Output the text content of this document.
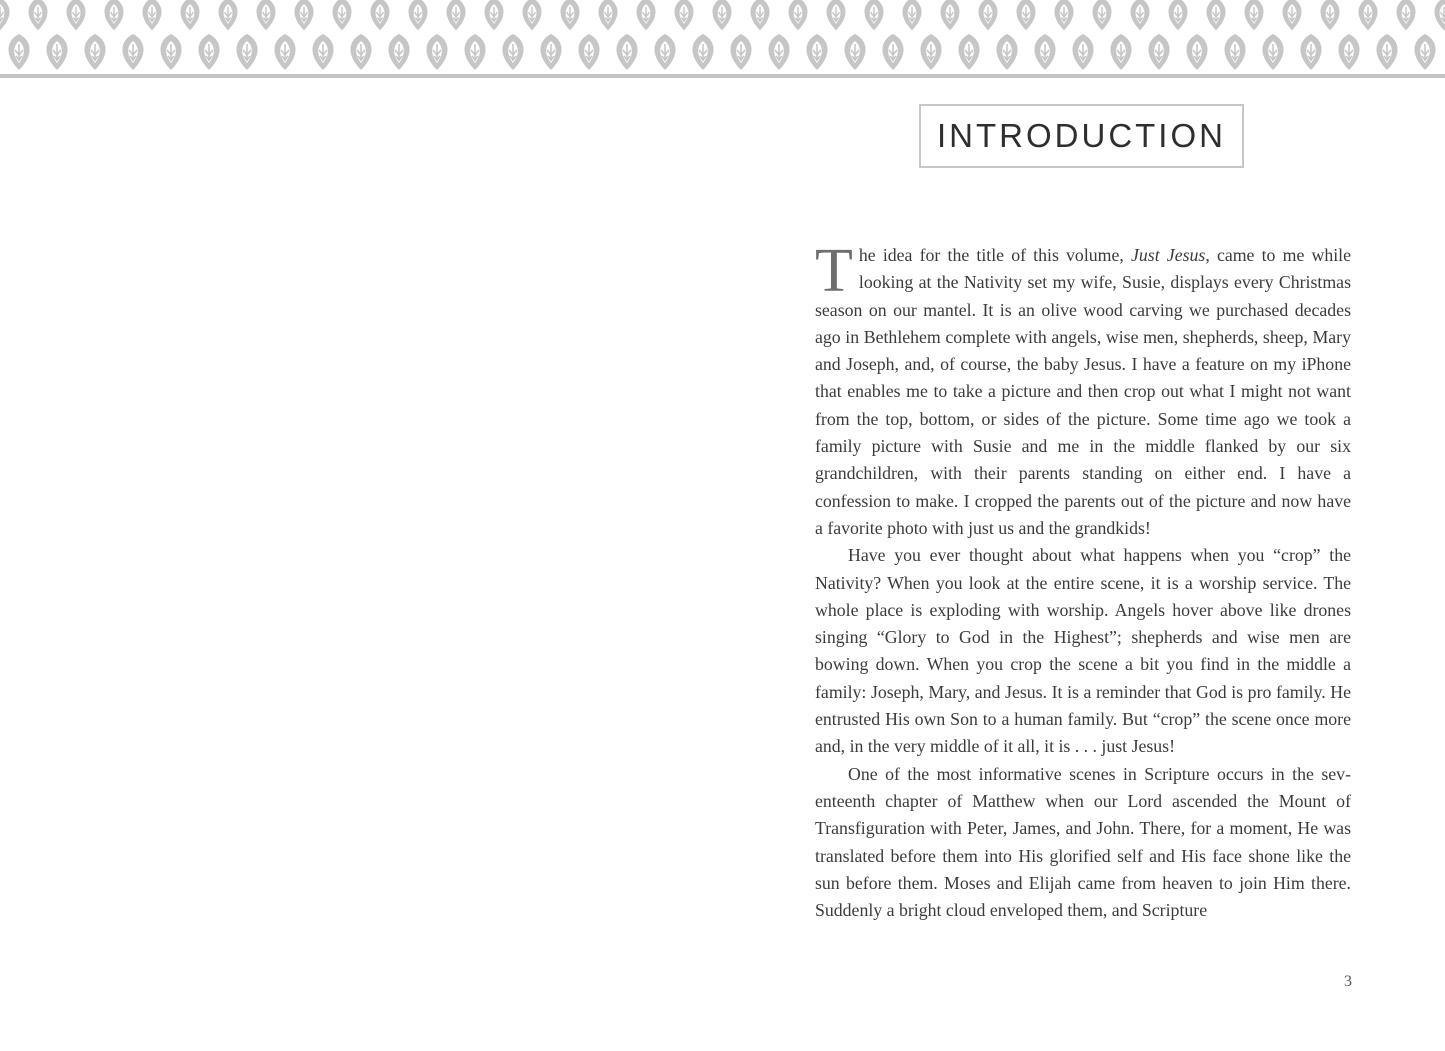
INTRODUCTION

The idea for the title of this volume, Just Jesus, came to me while looking at the Nativity set my wife, Susie, displays every Christmas season on our mantel. It is an olive wood carving we purchased decades ago in Bethlehem complete with angels, wise men, shepherds, sheep, Mary and Joseph, and, of course, the baby Jesus. I have a feature on my iPhone that enables me to take a picture and then crop out what I might not want from the top, bottom, or sides of the picture. Some time ago we took a family picture with Susie and me in the middle flanked by our six grandchildren, with their parents standing on either end. I have a confession to make. I cropped the parents out of the picture and now have a favorite photo with just us and the grandkids!

Have you ever thought about what happens when you “crop” the Nativity? When you look at the entire scene, it is a worship service. The whole place is exploding with worship. Angels hover above like drones singing “Glory to God in the Highest”; shepherds and wise men are bowing down. When you crop the scene a bit you find in the middle a family: Joseph, Mary, and Jesus. It is a reminder that God is pro family. He entrusted His own Son to a human family. But “crop” the scene once more and, in the very middle of it all, it is . . . just Jesus!

One of the most informative scenes in Scripture occurs in the seventeenth chapter of Matthew when our Lord ascended the Mount of Transfiguration with Peter, James, and John. There, for a moment, He was translated before them into His glorified self and His face shone like the sun before them. Moses and Elijah came from heaven to join Him there. Suddenly a bright cloud enveloped them, and Scripture

3
